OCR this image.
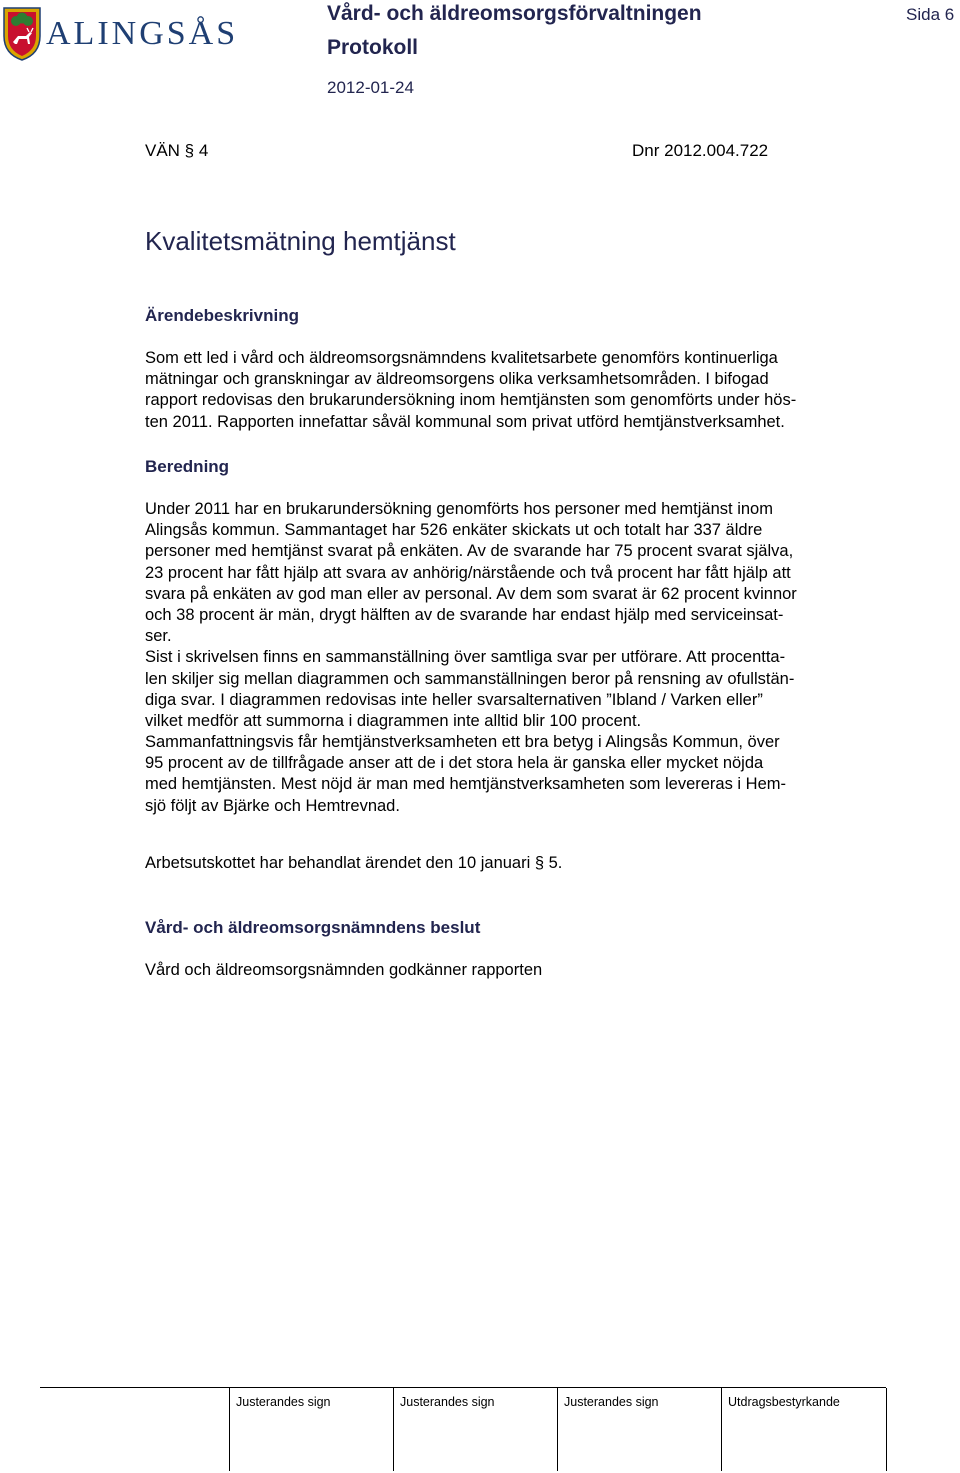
ALINGSÅS
Vård- och äldreomsorgsförvaltningen
Protokoll
2012-01-24
Sida 6
VÄN § 4	Dnr 2012.004.722
Kvalitetsmätning hemtjänst
Ärendebeskrivning
Som ett led i vård och äldreomsorgsnämndens kvalitetsarbete genomförs kontinuerliga
mätningar och granskningar av äldreomsorgens olika verksamhetsområden. I bifogad
rapport redovisas den brukarundersökning inom hemtjänsten som genomförts under hös-
ten 2011. Rapporten innefattar såväl kommunal som privat utförd hemtjänstverksamhet.
Beredning
Under 2011 har en brukarundersökning genomförts hos personer med hemtjänst inom
Alingsås kommun. Sammantaget har 526 enkäter skickats ut och totalt har 337 äldre
personer med hemtjänst svarat på enkäten. Av de svarande har 75 procent svarat själva,
23 procent har fått hjälp att svara av anhörig/närstående och två procent har fått hjälp att
svara på enkäten av god man eller av personal. Av dem som svarat är 62 procent kvinnor
och 38 procent är män, drygt hälften av de svarande har endast hjälp med serviceinsat-
ser.
Sist i skrivelsen finns en sammanställning över samtliga svar per utförare. Att procentta-
len skiljer sig mellan diagrammen och sammanställningen beror på rensning av ofullstän-
diga svar. I diagrammen redovisas inte heller svarsalternativen ”Ibland / Varken eller”
vilket medför att summorna i diagrammen inte alltid blir 100 procent.
Sammanfattningsvis får hemtjänstverksamheten ett bra betyg i Alingsås Kommun, över
95 procent av de tillfrågade anser att de i det stora hela är ganska eller mycket nöjda
med hemtjänsten. Mest nöjd är man med hemtjänstverksamheten som levereras i Hem-
sjö följt av Bjärke och Hemtrevnad.
Arbetsutskottet har behandlat ärendet den 10 januari § 5.
Vård- och äldreomsorgsnämndens beslut
Vård och äldreomsorgsnämnden godkänner rapporten
Justerandes sign	Justerandes sign	Justerandes sign	Utdragsbestyrkande
